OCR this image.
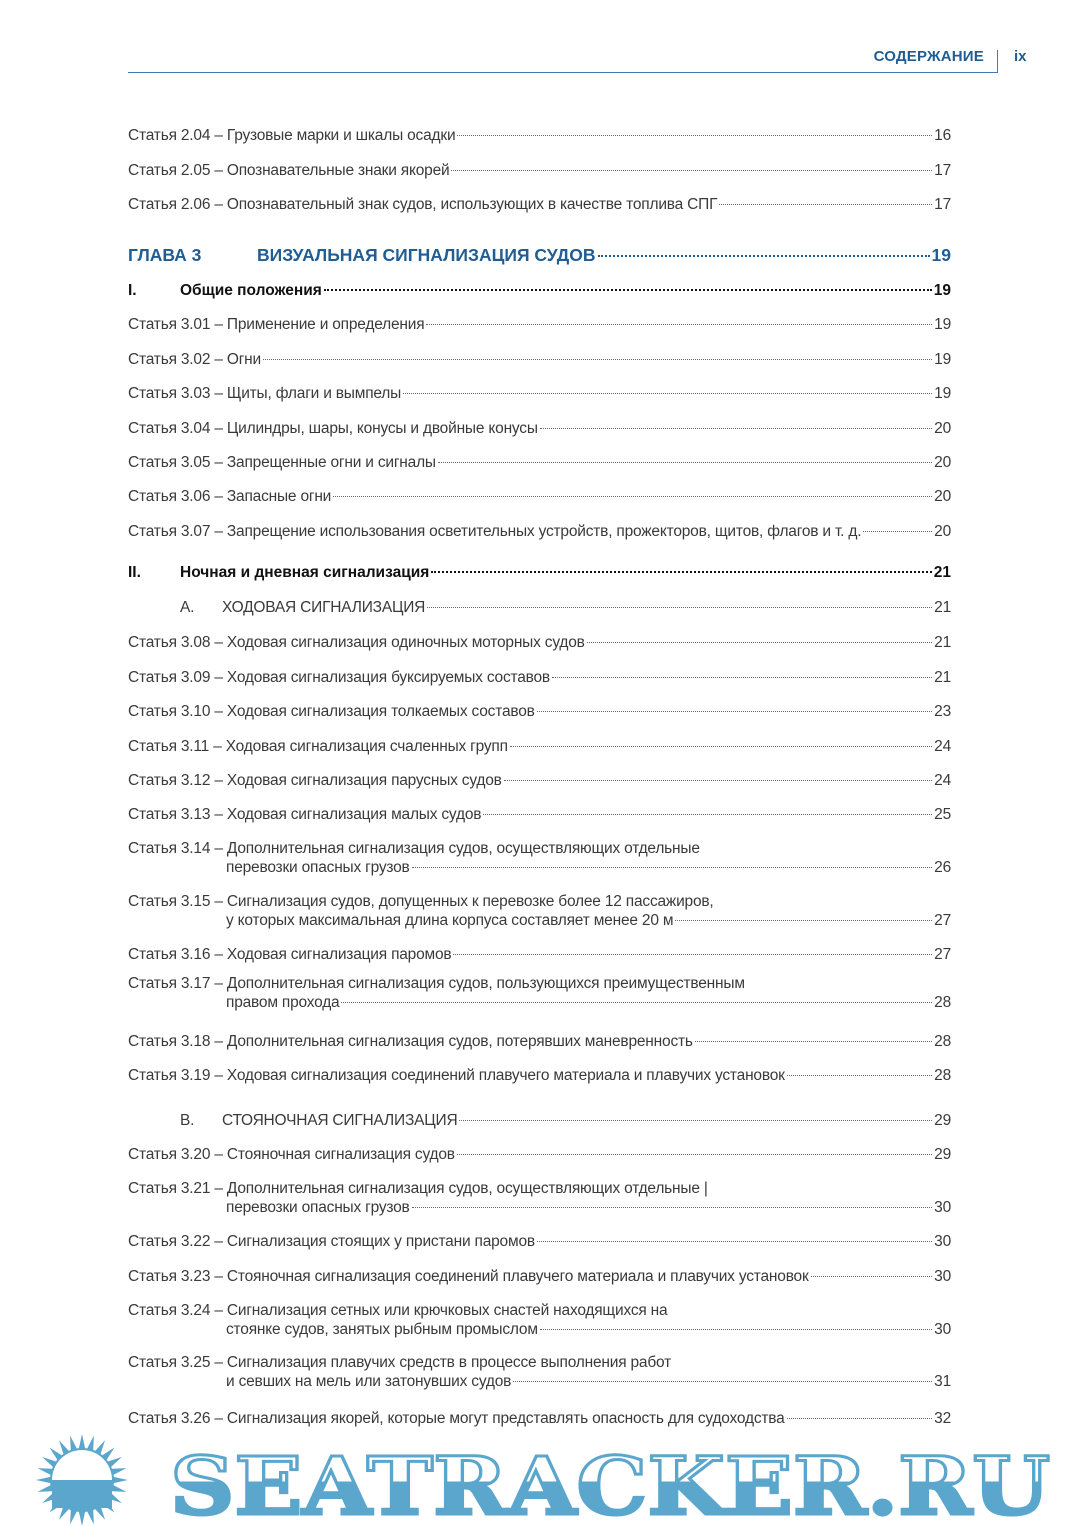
СОДЕРЖАНИЕ ix
Статья 2.04 – Грузовые марки и шкалы осадки	16
Статья 2.05 – Опознавательные знаки якорей	17
Статья 2.06 – Опознавательный знак судов, использующих в качестве топлива СПГ	17
ГЛАВА 3	ВИЗУАЛЬНАЯ СИГНАЛИЗАЦИЯ СУДОВ	19
I.	Общие положения	19
Статья 3.01 – Применение и определения	19
Статья 3.02 – Огни	19
Статья 3.03 – Щиты, флаги и вымпелы	19
Статья 3.04 – Цилиндры, шары, конусы и двойные конусы	20
Статья 3.05 – Запрещенные огни и сигналы	20
Статья 3.06 – Запасные огни	20
Статья 3.07 – Запрещение использования осветительных устройств, прожекторов, щитов, флагов и т. д.	20
II.	Ночная и дневная сигнализация	21
A. ХОДОВАЯ СИГНАЛИЗАЦИЯ	21
Статья 3.08 – Ходовая сигнализация одиночных моторных судов	21
Статья 3.09 – Ходовая сигнализация буксируемых составов	21
Статья 3.10 – Ходовая сигнализация толкаемых составов	23
Статья 3.11 – Ходовая сигнализация счаленных групп	24
Статья 3.12 – Ходовая сигнализация парусных судов	24
Статья 3.13 – Ходовая сигнализация малых судов	25
Статья 3.14 – Дополнительная сигнализация судов, осуществляющих отдельные
перевозки опасных грузов	26
Статья 3.15 – Сигнализация судов, допущенных к перевозке более 12 пассажиров,
у которых максимальная длина корпуса составляет менее 20 м	27
Статья 3.16 – Ходовая сигнализация паромов	27
Статья 3.17 – Дополнительная сигнализация судов, пользующихся преимущественным
правом прохода	28
Статья 3.18 – Дополнительная сигнализация судов, потерявших маневренность	28
Статья 3.19 – Ходовая сигнализация соединений плавучего материала и плавучих установок	28
B. СТОЯНОЧНАЯ СИГНАЛИЗАЦИЯ	29
Статья 3.20 – Стояночная сигнализация судов	29
Статья 3.21 – Дополнительная сигнализация судов, осуществляющих отдельные |
перевозки опасных грузов	30
Статья 3.22 – Сигнализация стоящих у пристани паромов	30
Статья 3.23 – Стояночная сигнализация соединений плавучего материала и плавучих установок	30
Статья 3.24 – Сигнализация сетных или крючковых снастей находящихся на
стоянке судов, занятых рыбным промыслом	30
Статья 3.25 – Сигнализация плавучих средств в процессе выполнения работ
и севших на мель или затонувших судов	31
Статья 3.26 – Сигнализация якорей, которые могут представлять опасность для судоходства	32
SEATRACKER.RU
